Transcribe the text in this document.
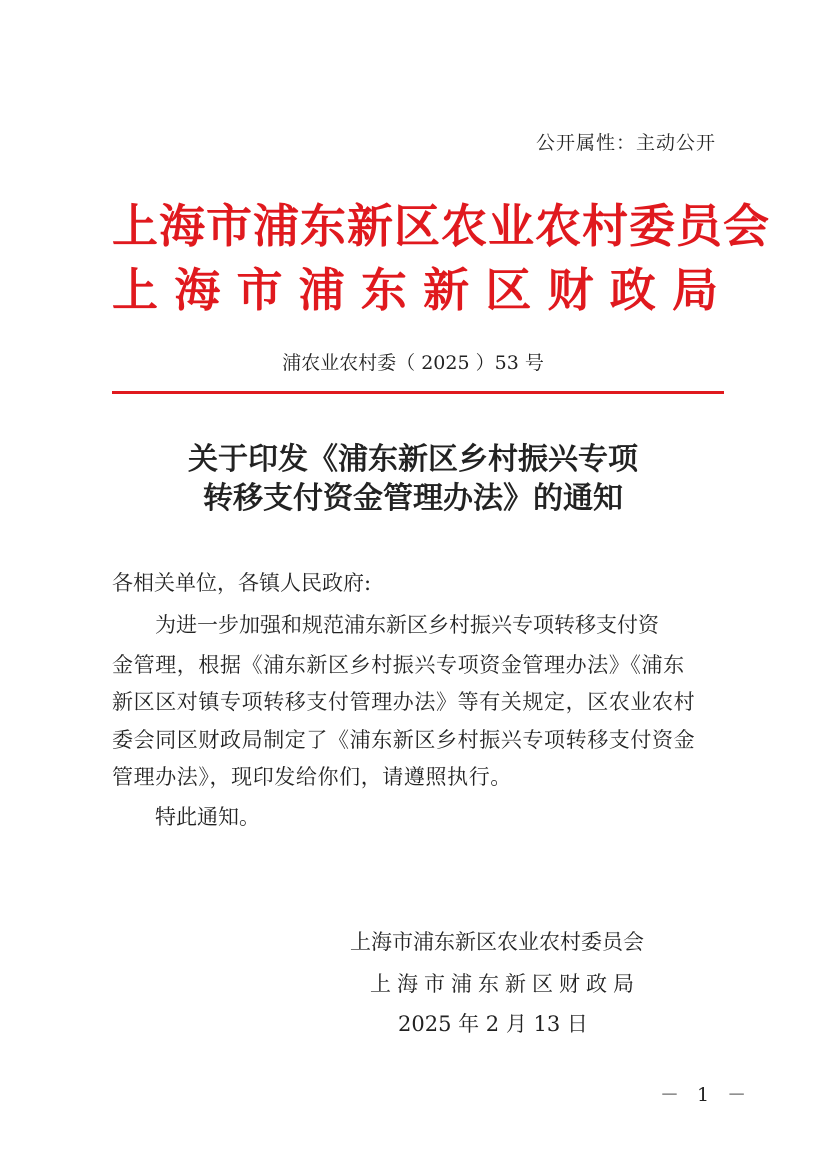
公开属性：主动公开
上海市浦东新区农业农村委员会
上 海 市 浦 东 新 区 财 政 局
浦农业农村委（ 2025 ）53 号
关于印发《浦东新区乡村振兴专项
转移支付资金管理办法》的通知
各相关单位，各镇人民政府:
为进一步加强和规范浦东新区乡村振兴专项转移支付资
金管理，根据《浦东新区乡村振兴专项资金管理办法》《浦东
新区区对镇专项转移支付管理办法》等有关规定，区农业农村
委会同区财政局制定了《浦东新区乡村振兴专项转移支付资金
管理办法》，现印发给你们，请遵照执行。
特此通知。
上海市浦东新区农业农村委员会
上海市浦东新区财政局
2025 年 2 月 13 日
－ 1 －
